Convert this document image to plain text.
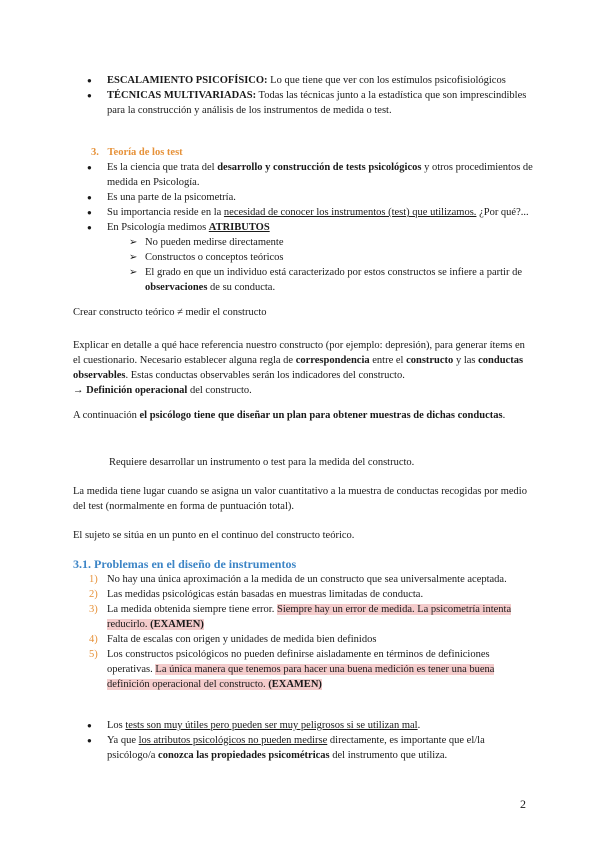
● ESCALAMIENTO PSICOFÍSICO: Lo que tiene que ver con los estímulos psicofisiológicos
● TÉCNICAS MULTIVARIADAS: Todas las técnicas junto a la estadística que son imprescindibles para la construcción y análisis de los instrumentos de medida o test.
3. Teoría de los test
● Es la ciencia que trata del desarrollo y construcción de tests psicológicos y otros procedimientos de medida en Psicología.
● Es una parte de la psicometría.
● Su importancia reside en la necesidad de conocer los instrumentos (test) que utilizamos. ¿Por qué?...
● En Psicología medimos ATRIBUTOS
➢ No pueden medirse directamente
➢ Constructos o conceptos teóricos
➢ El grado en que un individuo está caracterizado por estos constructos se infiere a partir de observaciones de su conducta.
Crear constructo teórico ≠ medir el constructo

Explicar en detalle a qué hace referencia nuestro constructo (por ejemplo: depresión), para generar ítems en el cuestionario. Necesario establecer alguna regla de correspondencia entre el constructo y las conductas observables. Estas conductas observables serán los indicadores del constructo.

→ Definición operacional del constructo.

A continuación el psicólogo tiene que diseñar un plan para obtener muestras de dichas conductas.

Requiere desarrollar un instrumento o test para la medida del constructo.
La medida tiene lugar cuando se asigna un valor cuantitativo a la muestra de conductas recogidas por medio del test (normalmente en forma de puntuación total).
El sujeto se sitúa en un punto en el continuo del constructo teórico.
3.1. Problemas en el diseño de instrumentos
1) No hay una única aproximación a la medida de un constructo que sea universalmente aceptada.
2) Las medidas psicológicas están basadas en muestras limitadas de conducta.
3) La medida obtenida siempre tiene error. Siempre hay un error de medida. La psicometría intenta reducirlo. (EXAMEN)
4) Falta de escalas con origen y unidades de medida bien definidos
5) Los constructos psicológicos no pueden definirse aisladamente en términos de definiciones operativas. La única manera que tenemos para hacer una buena medición es tener una buena definición operacional del constructo. (EXAMEN)
● Los tests son muy útiles pero pueden ser muy peligrosos si se utilizan mal.
● Ya que los atributos psicológicos no pueden medirse directamente, es importante que el/la psicólogo/a conozca las propiedades psicométricas del instrumento que utiliza.
2
